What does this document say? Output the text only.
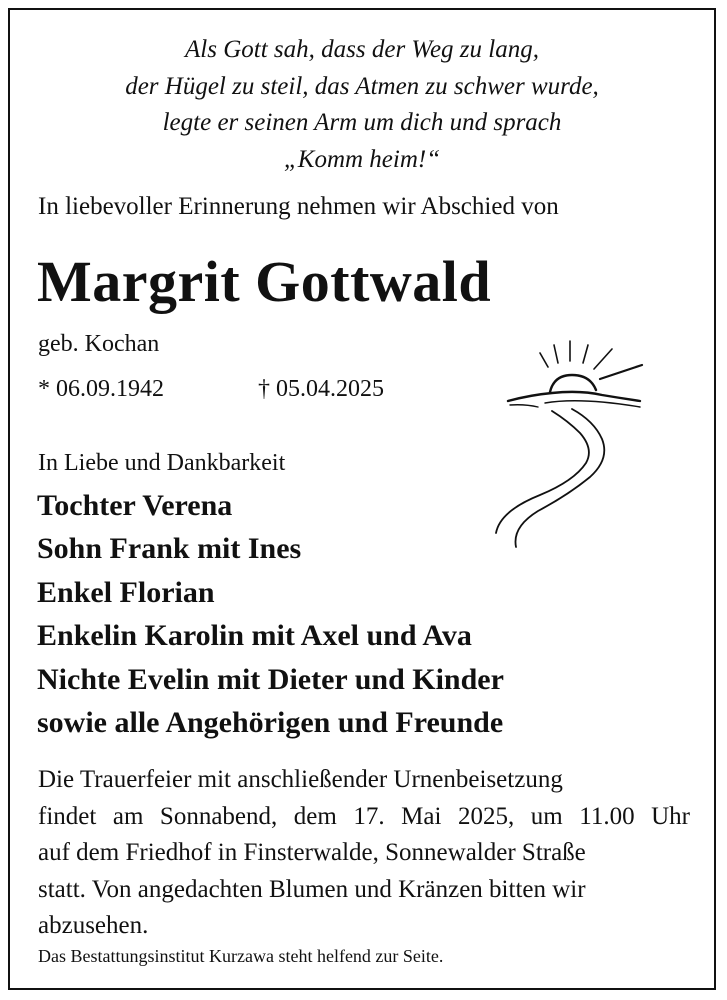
Als Gott sah, dass der Weg zu lang,
der Hügel zu steil, das Atmen zu schwer wurde,
legte er seinen Arm um dich und sprach
„Komm heim!“
In liebevoller Erinnerung nehmen wir Abschied von
Margrit Gottwald
geb. Kochan
* 06.09.1942	† 05.04.2025
In Liebe und Dankbarkeit
Tochter Verena
Sohn Frank mit Ines
Enkel Florian
Enkelin Karolin mit Axel und Ava
Nichte Evelin mit Dieter und Kinder
sowie alle Angehörigen und Freunde
Die Trauerfeier mit anschließender Urnenbeisetzung
findet am Sonnabend, dem 17. Mai 2025, um 11.00 Uhr
auf dem Friedhof in Finsterwalde, Sonnewalder Straße
statt. Von angedachten Blumen und Kränzen bitten wir
abzusehen.
Das Bestattungsinstitut Kurzawa steht helfend zur Seite.
